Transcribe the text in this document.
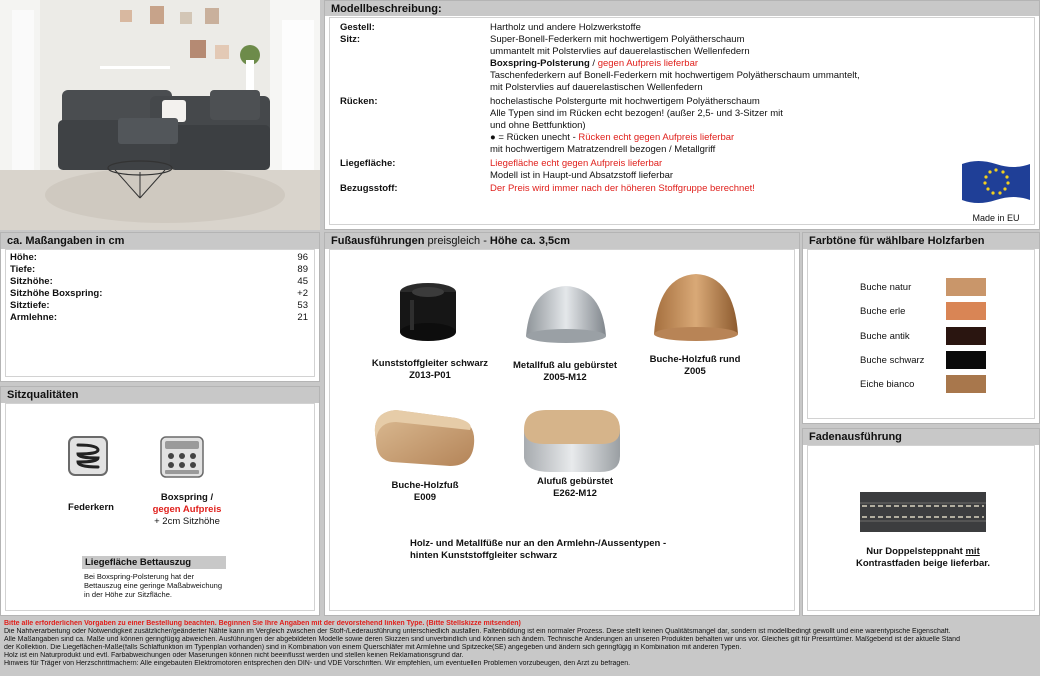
Modellbeschreibung:
Gestell:	Hartholz und andere Holzwerkstoffe
Sitz:	Super-Bonell-Federkern mit hochwertigem Polyätherschaum
ummantelt mit Polstervlies auf dauerelastischen Wellenfedern
Boxspring-Polsterung / gegen Aufpreis lieferbar
Taschenfederkern auf Bonell-Federkern mit hochwertigem Polyätherschaum ummantelt,
mit Polstervlies auf dauerelastischen Wellenfedern
Rücken:	hochelastische Polstergurte mit hochwertigem Polyätherschaum
Alle Typen sind im Rücken echt bezogen! (außer 2,5- und 3-Sitzer mit
und ohne Bettfunktion)
● = Rücken unecht - Rücken echt gegen Aufpreis lieferbar
mit hochwertigem Matratzendrell bezogen / Metallgriff
Liegefläche:	Liegefläche echt gegen Aufpreis lieferbar
Modell ist in Haupt-und Absatzstoff lieferbar
Bezugsstoff:	Der Preis wird immer nach der höheren Stoffgruppe berechnet!
Made in EU
ca. Maßangaben in cm
Höhe:	96
Tiefe:	89
Sitzhöhe:	45
Sitzhöhe Boxspring:	+2
Sitztiefe:	53
Armlehne:	21
Fußausführungen preisgleich - Höhe ca. 3,5cm
Kunststoffgleiter schwarz
Z013-P01
Metallfuß alu gebürstet
Z005-M12
Buche-Holzfuß rund
Z005
Buche-Holzfuß
E009
Alufuß gebürstet
E262-M12
Holz- und Metallfüße nur an den Armlehn-/Aussentypen -
hinten Kunststoffgleiter schwarz
Farbtöne für wählbare Holzfarben
Buche natur
Buche erle
Buche antik
Buche schwarz
Eiche bianco
Sitzqualitäten
Federkern
Boxspring /
gegen Aufpreis
+ 2cm Sitzhöhe
Liegefläche Bettauszug
Bei Boxspring-Polsterung hat der
Bettauszug eine geringe Maßabweichung
in der Höhe zur Sitzfläche.
Fadenausführung
Nur Doppelsteppnaht mit
Kontrastfaden beige lieferbar.
Bitte alle erforderlichen Vorgaben zu einer Bestellung beachten. Beginnen Sie Ihre Angaben mit der devorstehend linken Type. (Bitte Stellskizze mitsenden)
Die Nahtverarbeitung oder Notwendigkeit zusätzlicher/geänderter Nähte kann im Vergleich zwischen der Stoff-/Lederausführung unterschiedlich ausfallen. Faltenbildung ist ein normaler Prozess. Diese stellt keinen Qualitätsmangel dar, sondern ist modellbedingt gewollt und eine warentypische Eigenschaft.
Alle Maßangaben sind ca. Maße und können geringfügig abweichen. Ausführungen der abgebildeten Modelle sowie deren Skizzen sind unverbindlich und können sich ändern. Technische Änderungen an unseren Produkten behalten wir uns vor. Gleiches gilt für Preisirrtümer. Maßgebend ist der aktuelle Stand
der Kollektion. Die Liegeflächen-Maße(falls Schlaffunktion im Typenplan vorhanden) sind in Kombination von einem Querschläfer mit Armlehne und Spitzecke(SE) angegeben und ändern sich geringfügig in Kombination mit anderen Typen.
Holz ist ein Naturprodukt und evtl. Farbabweichungen oder Maserungen können nicht beeinflusst werden und stellen keinen Reklamationsgrund dar.
Hinweis für Träger von Herzschrittmachern: Alle eingebauten Elektromotoren entsprechen den DIN- und VDE Vorschriften. Wir empfehlen, um eventuellen Problemen vorzubeugen, den Arzt zu befragen.
